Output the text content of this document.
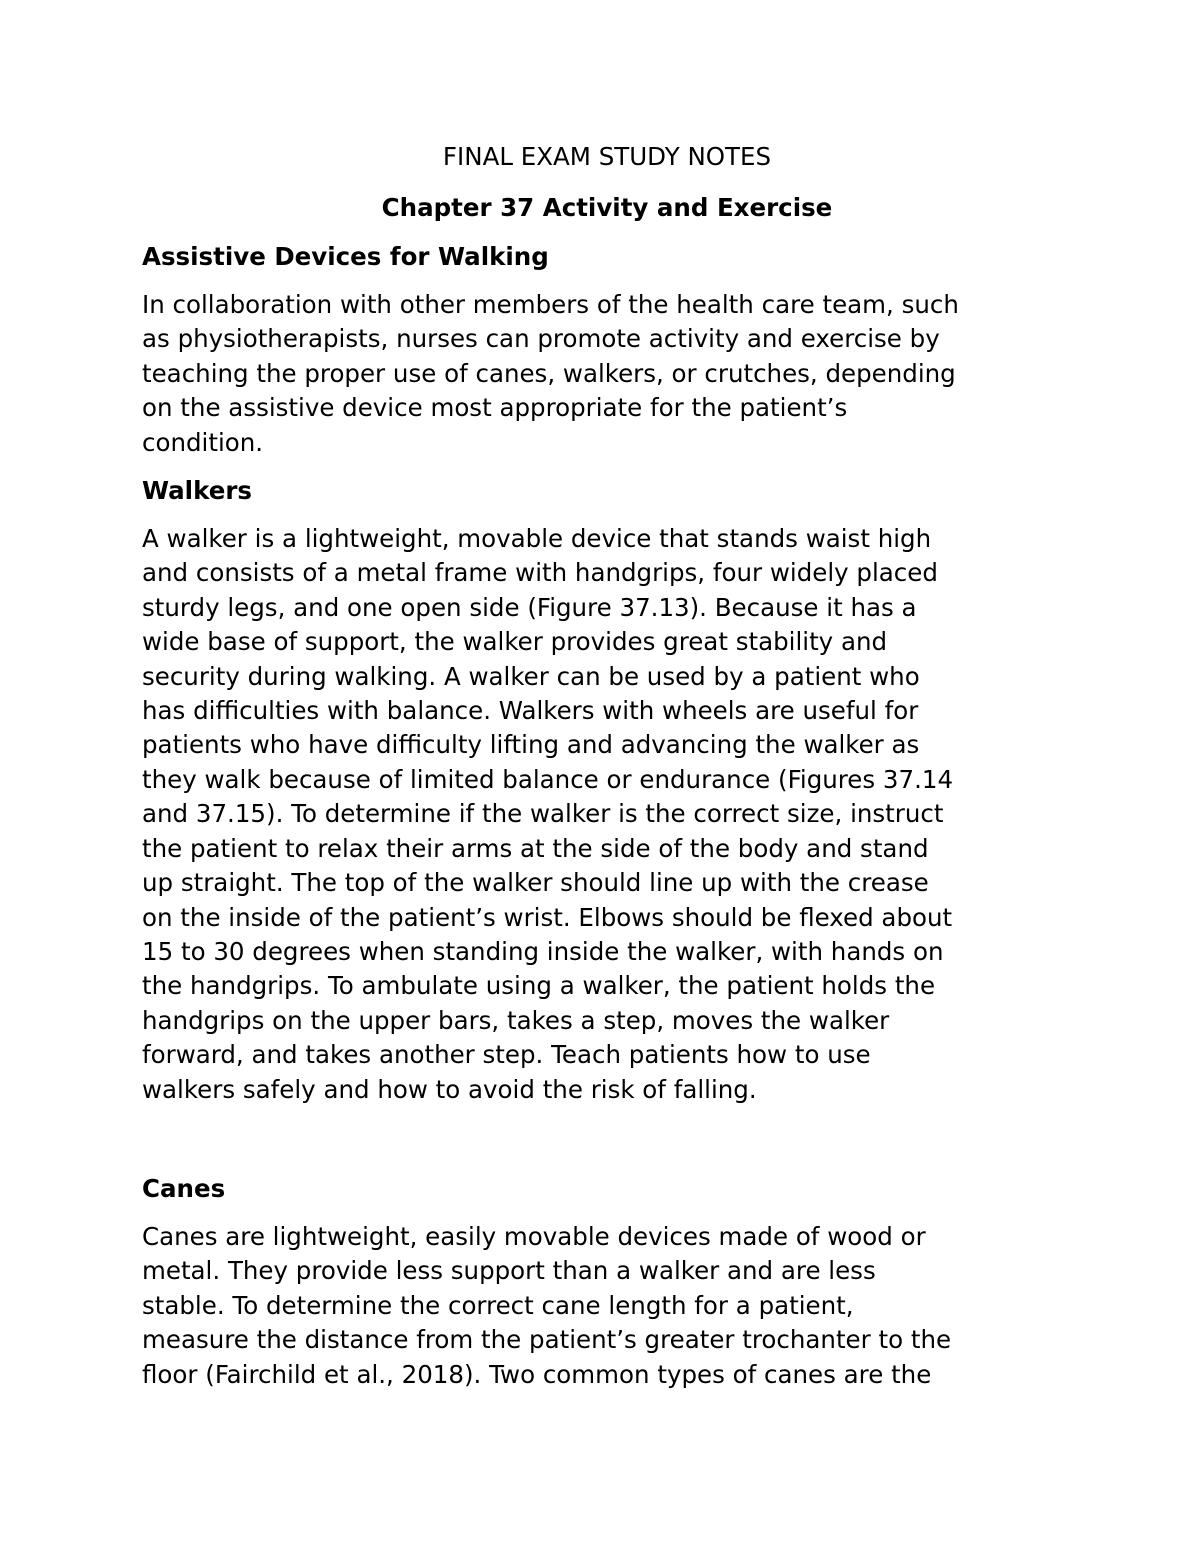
FINAL EXAM STUDY NOTES
Chapter 37 Activity and Exercise
Assistive Devices for Walking

In collaboration with other members of the health care team, such
as physiotherapists, nurses can promote activity and exercise by
teaching the proper use of canes, walkers, or crutches, depending
on the assistive device most appropriate for the patient’s
condition.

Walkers

A walker is a lightweight, movable device that stands waist high
and consists of a metal frame with handgrips, four widely placed
sturdy legs, and one open side (Figure 37.13). Because it has a
wide base of support, the walker provides great stability and
security during walking. A walker can be used by a patient who
has difficulties with balance. Walkers with wheels are useful for
patients who have difficulty lifting and advancing the walker as
they walk because of limited balance or endurance (Figures 37.14
and 37.15). To determine if the walker is the correct size, instruct
the patient to relax their arms at the side of the body and stand
up straight. The top of the walker should line up with the crease
on the inside of the patient’s wrist. Elbows should be flexed about
15 to 30 degrees when standing inside the walker, with hands on
the handgrips. To ambulate using a walker, the patient holds the
handgrips on the upper bars, takes a step, moves the walker
forward, and takes another step. Teach patients how to use
walkers safely and how to avoid the risk of falling.

Canes

Canes are lightweight, easily movable devices made of wood or
metal. They provide less support than a walker and are less
stable. To determine the correct cane length for a patient,
measure the distance from the patient’s greater trochanter to the
floor (Fairchild et al., 2018). Two common types of canes are the
